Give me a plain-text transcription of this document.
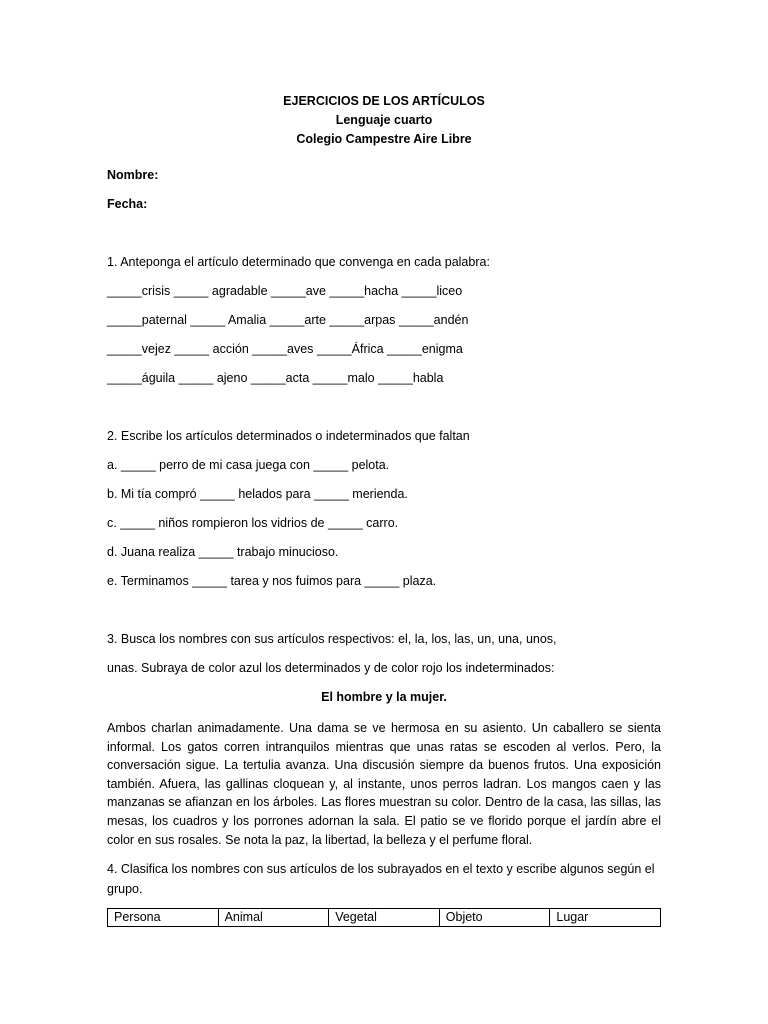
EJERCICIOS DE LOS ARTÍCULOS
Lenguaje cuarto
Colegio Campestre Aire Libre
Nombre:
Fecha:
1. Anteponga el artículo determinado que convenga en cada palabra:
_____crisis _____ agradable _____ave _____hacha _____liceo
_____paternal _____ Amalia _____arte _____arpas _____andén
_____vejez _____ acción _____aves _____África _____enigma
_____águila _____ ajeno _____acta _____malo _____habla
2. Escribe los artículos determinados o indeterminados que faltan
a. _____ perro de mi casa juega con _____ pelota.
b. Mi tía compró _____ helados para _____ merienda.
c. _____ niños rompieron los vidrios de _____ carro.
d. Juana realiza _____ trabajo minucioso.
e. Terminamos _____ tarea y nos fuimos para _____ plaza.
3. Busca los nombres con sus artículos respectivos: el, la, los, las, un, una, unos,
unas. Subraya de color azul los determinados y de color rojo los indeterminados:
El hombre y la mujer.
Ambos charlan animadamente. Una dama se ve hermosa en su asiento. Un caballero se sienta informal. Los gatos corren intranquilos mientras que unas ratas se escoden al verlos. Pero, la conversación sigue. La tertulia avanza. Una discusión siempre da buenos frutos. Una exposición también. Afuera, las gallinas cloquean y, al instante, unos perros ladran. Los mangos caen y las manzanas se afianzan en los árboles. Las flores muestran su color. Dentro de la casa, las sillas, las mesas, los cuadros y los porrones adornan la sala. El patio se ve florido porque el jardín abre el color en sus rosales. Se nota la paz, la libertad, la belleza y el perfume floral.
4. Clasifica los nombres con sus artículos de los subrayados en el texto y escribe algunos según el grupo.
Persona	Animal	Vegetal	Objeto	Lugar
